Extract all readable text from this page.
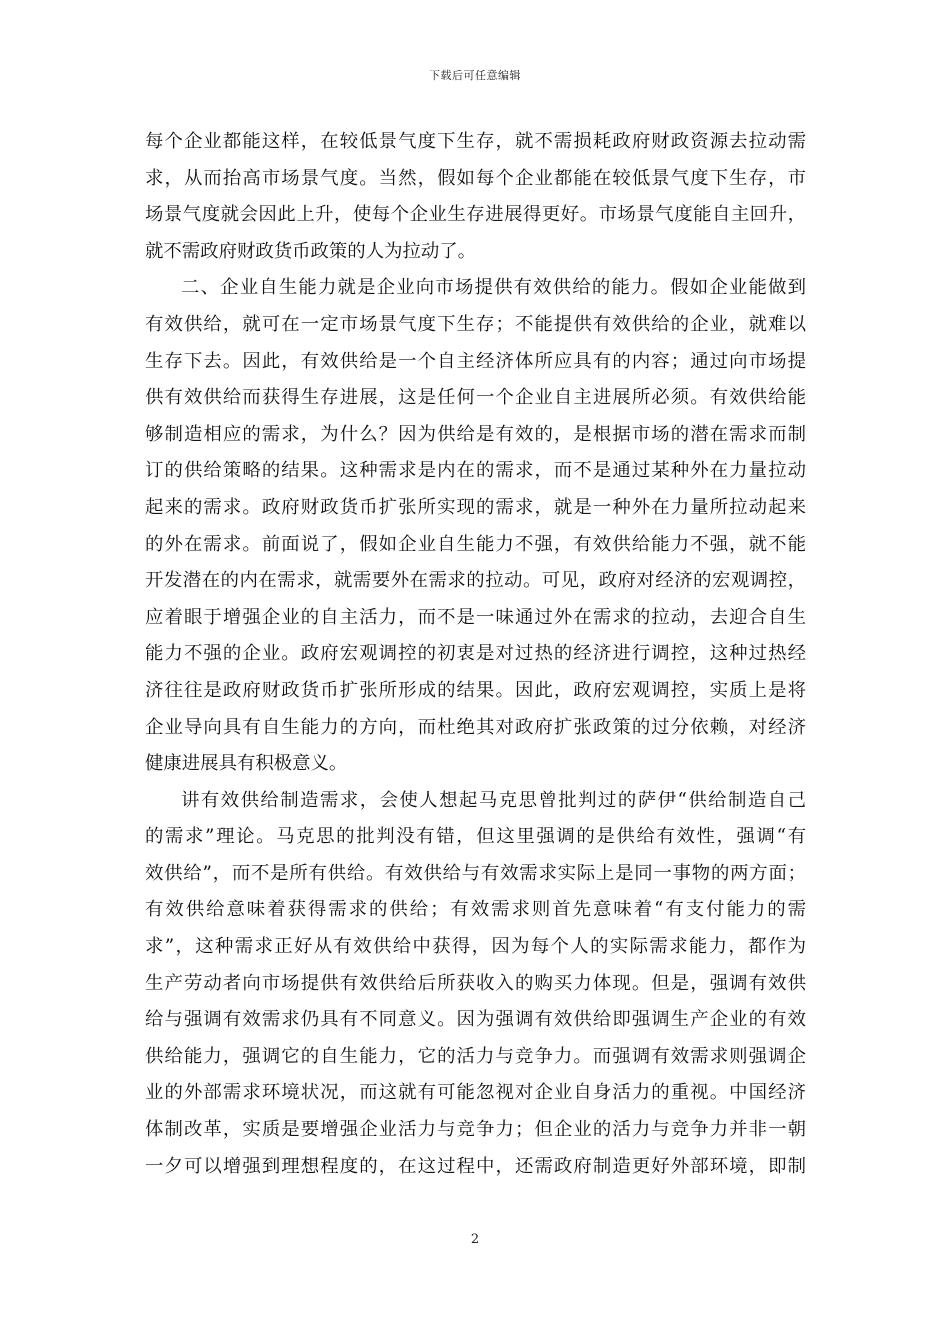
下载后可任意编辑
每个企业都能这样，在较低景气度下生存，就不需损耗政府财政资源去拉动需
求，从而抬高市场景气度。当然，假如每个企业都能在较低景气度下生存，市
场景气度就会因此上升，使每个企业生存进展得更好。市场景气度能自主回升，
就不需政府财政货币政策的人为拉动了。
二、企业自生能力就是企业向市场提供有效供给的能力。假如企业能做到
有效供给，就可在一定市场景气度下生存；不能提供有效供给的企业，就难以
生存下去。因此，有效供给是一个自主经济体所应具有的内容；通过向市场提
供有效供给而获得生存进展，这是任何一个企业自主进展所必须。有效供给能
够制造相应的需求，为什么？因为供给是有效的，是根据市场的潜在需求而制
订的供给策略的结果。这种需求是内在的需求，而不是通过某种外在力量拉动
起来的需求。政府财政货币扩张所实现的需求，就是一种外在力量所拉动起来
的外在需求。前面说了，假如企业自生能力不强，有效供给能力不强，就不能
开发潜在的内在需求，就需要外在需求的拉动。可见，政府对经济的宏观调控，
应着眼于增强企业的自主活力，而不是一味通过外在需求的拉动，去迎合自生
能力不强的企业。政府宏观调控的初衷是对过热的经济进行调控，这种过热经
济往往是政府财政货币扩张所形成的结果。因此，政府宏观调控，实质上是将
企业导向具有自生能力的方向，而杜绝其对政府扩张政策的过分依赖，对经济
健康进展具有积极意义。
讲有效供给制造需求，会使人想起马克思曾批判过的萨伊“供给制造自己
的需求”理论。马克思的批判没有错，但这里强调的是供给有效性，强调“有
效供给”，而不是所有供给。有效供给与有效需求实际上是同一事物的两方面；
有效供给意味着获得需求的供给；有效需求则首先意味着“有支付能力的需
求”，这种需求正好从有效供给中获得，因为每个人的实际需求能力，都作为
生产劳动者向市场提供有效供给后所获收入的购买力体现。但是，强调有效供
给与强调有效需求仍具有不同意义。因为强调有效供给即强调生产企业的有效
供给能力，强调它的自生能力，它的活力与竞争力。而强调有效需求则强调企
业的外部需求环境状况，而这就有可能忽视对企业自身活力的重视。中国经济
体制改革，实质是要增强企业活力与竞争力；但企业的活力与竞争力并非一朝
一夕可以增强到理想程度的，在这过程中，还需政府制造更好外部环境，即制
2
